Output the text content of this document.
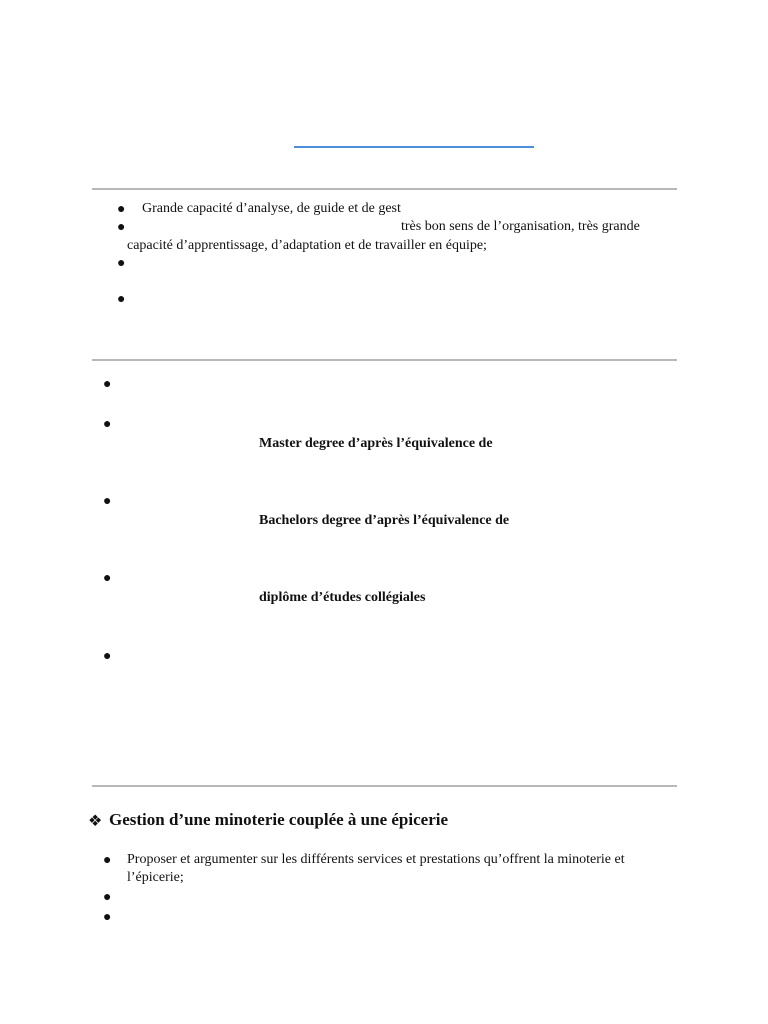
● Grande capacité d’analyse, de guide et de gest
●	très bon sens de l’organisation, très grande
capacité d’apprentissage, d’adaptation et de travailler en équipe;
●
●
●
●
Master degree d’après l’équivalence de
●
Bachelors degree d’après l’équivalence de
●
diplôme d’études collégiales
●
❖ Gestion d’une minoterie couplée à une épicerie
● Proposer et argumenter sur les différents services et prestations qu’offrent la minoterie et
l’épicerie;
●
●
